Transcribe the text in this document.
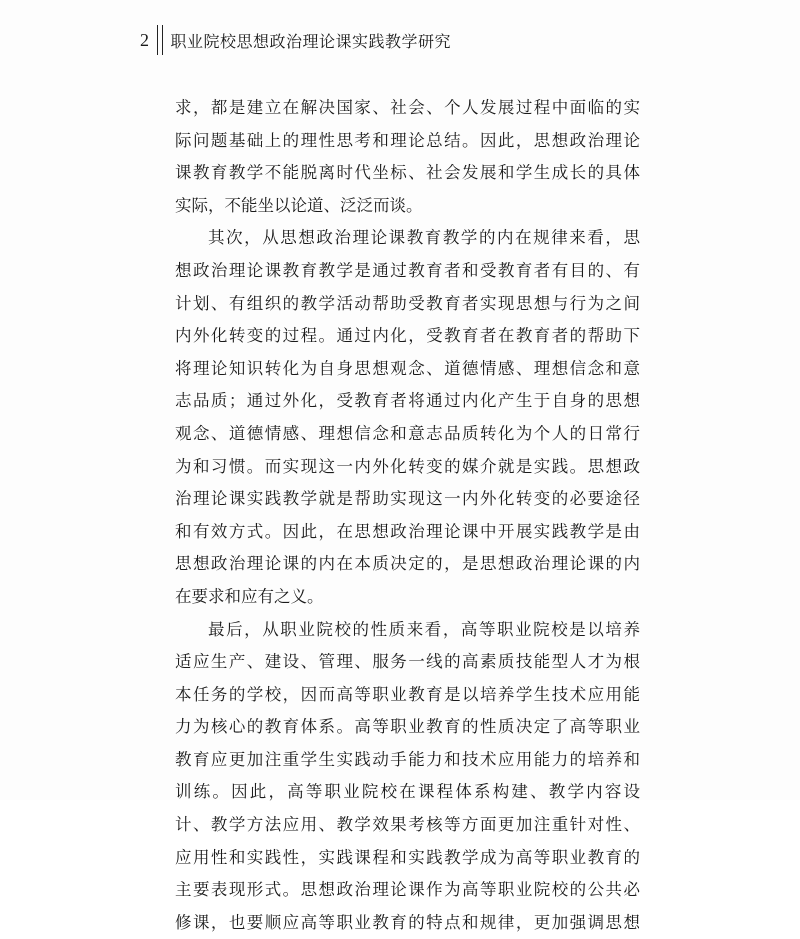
2 职业院校思想政治理论课实践教学研究
求，都是建立在解决国家、社会、个人发展过程中面临的实
际问题基础上的理性思考和理论总结。因此，思想政治理论
课教育教学不能脱离时代坐标、社会发展和学生成长的具体
实际，不能坐以论道、泛泛而谈。
其次，从思想政治理论课教育教学的内在规律来看，思
想政治理论课教育教学是通过教育者和受教育者有目的、有
计划、有组织的教学活动帮助受教育者实现思想与行为之间
内外化转变的过程。通过内化，受教育者在教育者的帮助下
将理论知识转化为自身思想观念、道德情感、理想信念和意
志品质；通过外化，受教育者将通过内化产生于自身的思想
观念、道德情感、理想信念和意志品质转化为个人的日常行
为和习惯。而实现这一内外化转变的媒介就是实践。思想政
治理论课实践教学就是帮助实现这一内外化转变的必要途径
和有效方式。因此，在思想政治理论课中开展实践教学是由
思想政治理论课的内在本质决定的，是思想政治理论课的内
在要求和应有之义。
最后，从职业院校的性质来看，高等职业院校是以培养
适应生产、建设、管理、服务一线的高素质技能型人才为根
本任务的学校，因而高等职业教育是以培养学生技术应用能
力为核心的教育体系。高等职业教育的性质决定了高等职业
教育应更加注重学生实践动手能力和技术应用能力的培养和
训练。因此，高等职业院校在课程体系构建、教学内容设
计、教学方法应用、教学效果考核等方面更加注重针对性、
应用性和实践性，实践课程和实践教学成为高等职业教育的
主要表现形式。思想政治理论课作为高等职业院校的公共必
修课，也要顺应高等职业教育的特点和规律，更加强调思想
